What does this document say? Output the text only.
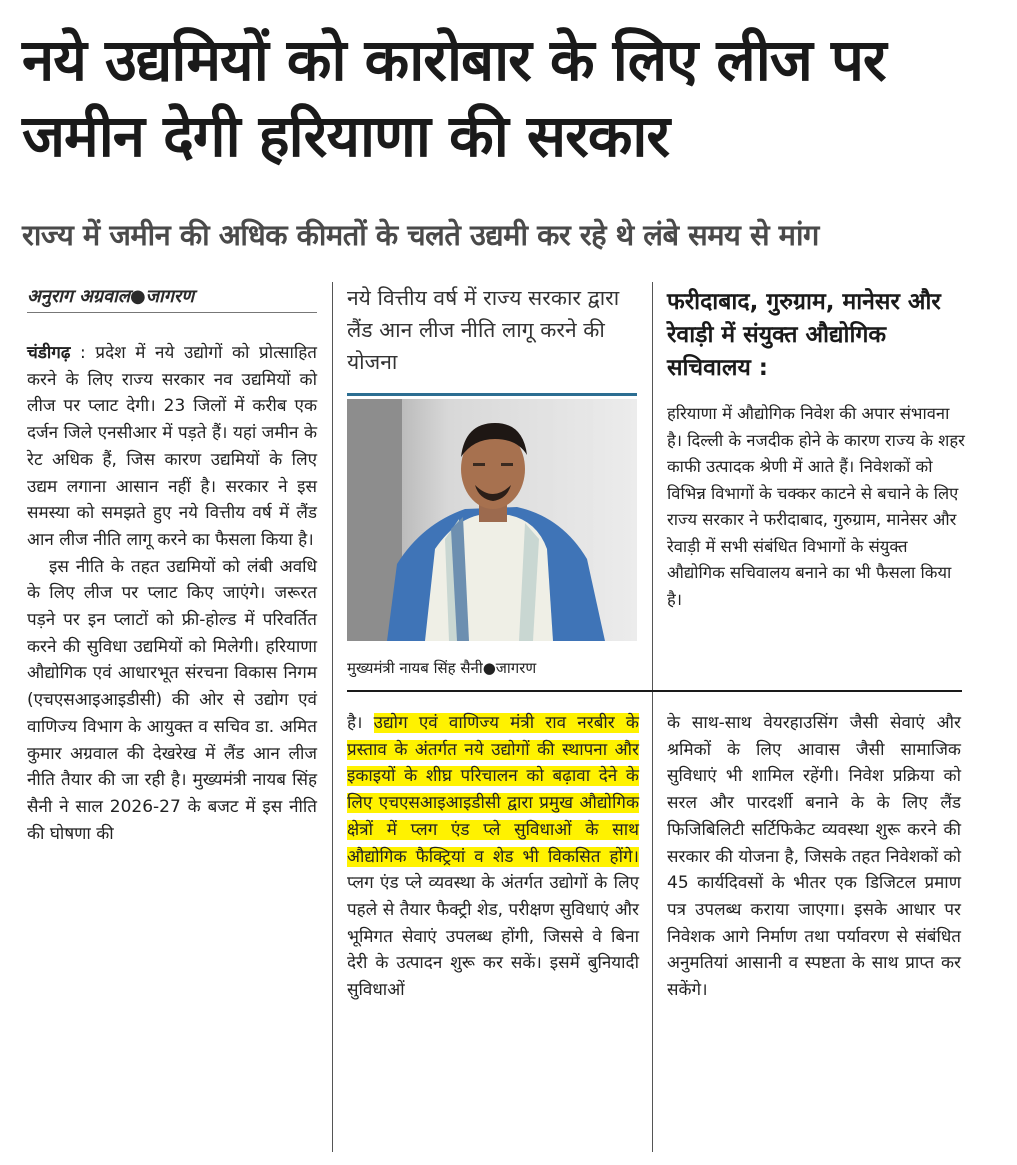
नये उद्यमियों को कारोबार के लिए लीज पर जमीन देगी हरियाणा की सरकार
राज्य में जमीन की अधिक कीमतों के चलते उद्यमी कर रहे थे लंबे समय से मांग
अनुराग अग्रवाल●जागरण

चंडीगढ़ : प्रदेश में नये उद्योगों को प्रोत्साहित करने के लिए राज्य सरकार नव उद्यमियों को लीज पर प्लाट देगी। 23 जिलों में करीब एक दर्जन जिले एनसीआर में पड़ते हैं। यहां जमीन के रेट अधिक हैं, जिस कारण उद्यमियों के लिए उद्यम लगाना आसान नहीं है। सरकार ने इस समस्या को समझते हुए नये वित्तीय वर्ष में लैंड आन लीज नीति लागू करने का फैसला किया है।

इस नीति के तहत उद्यमियों को लंबी अवधि के लिए लीज पर प्लाट किए जाएंगे। जरूरत पड़ने पर इन प्लाटों को फ्री-होल्ड में परिवर्तित करने की सुविधा उद्यमियों को मिलेगी। हरियाणा औद्योगिक एवं आधारभूत संरचना विकास निगम (एचएसआइआइडीसी) की ओर से उद्योग एवं वाणिज्य विभाग के आयुक्त व सचिव डा. अमित कुमार अग्रवाल की देखरेख में लैंड आन लीज नीति तैयार की जा रही है। मुख्यमंत्री नायब सिंह सैनी ने साल 2026-27 के बजट में इस नीति की घोषणा की

नये वित्तीय वर्ष में राज्य सरकार द्वारा लैंड आन लीज नीति लागू करने की योजना

मुख्यमंत्री नायब सिंह सैनी●जागरण
फरीदाबाद, गुरुग्राम, मानेसर और रेवाड़ी में संयुक्त औद्योगिक सचिवालय :

हरियाणा में औद्योगिक निवेश की अपार संभावना है। दिल्ली के नजदीक होने के कारण राज्य के शहर काफी उत्पादक श्रेणी में आते हैं। निवेशकों को विभिन्न विभागों के चक्कर काटने से बचाने के लिए राज्य सरकार ने फरीदाबाद, गुरुग्राम, मानेसर और रेवाड़ी में सभी संबंधित विभागों के संयुक्त औद्योगिक सचिवालय बनाने का भी फैसला किया है।

है। उद्योग एवं वाणिज्य मंत्री राव नरबीर के प्रस्ताव के अंतर्गत नये उद्योगों की स्थापना और इकाइयों के शीघ्र परिचालन को बढ़ावा देने के लिए एचएसआइआइडीसी द्वारा प्रमुख औद्योगिक क्षेत्रों में प्लग एंड प्ले सुविधाओं के साथ औद्योगिक फैक्ट्रियां व शेड भी विकसित होंगे। प्लग एंड प्ले व्यवस्था के अंतर्गत उद्योगों के लिए पहले से तैयार फैक्ट्री शेड, परीक्षण सुविधाएं और भूमिगत सेवाएं उपलब्ध होंगी, जिससे वे बिना देरी के उत्पादन शुरू कर सकें। इसमें बुनियादी सुविधाओं

के साथ-साथ वेयरहाउसिंग जैसी सेवाएं और श्रमिकों के लिए आवास जैसी सामाजिक सुविधाएं भी शामिल रहेंगी। निवेश प्रक्रिया को सरल और पारदर्शी बनाने के के लिए लैंड फिजिबिलिटी सर्टिफिकेट व्यवस्था शुरू करने की सरकार की योजना है, जिसके तहत निवेशकों को 45 कार्यदिवसों के भीतर एक डिजिटल प्रमाण पत्र उपलब्ध कराया जाएगा। इसके आधार पर निवेशक आगे निर्माण तथा पर्यावरण से संबंधित अनुमतियां आसानी व स्पष्टता के साथ प्राप्त कर सकेंगे।
